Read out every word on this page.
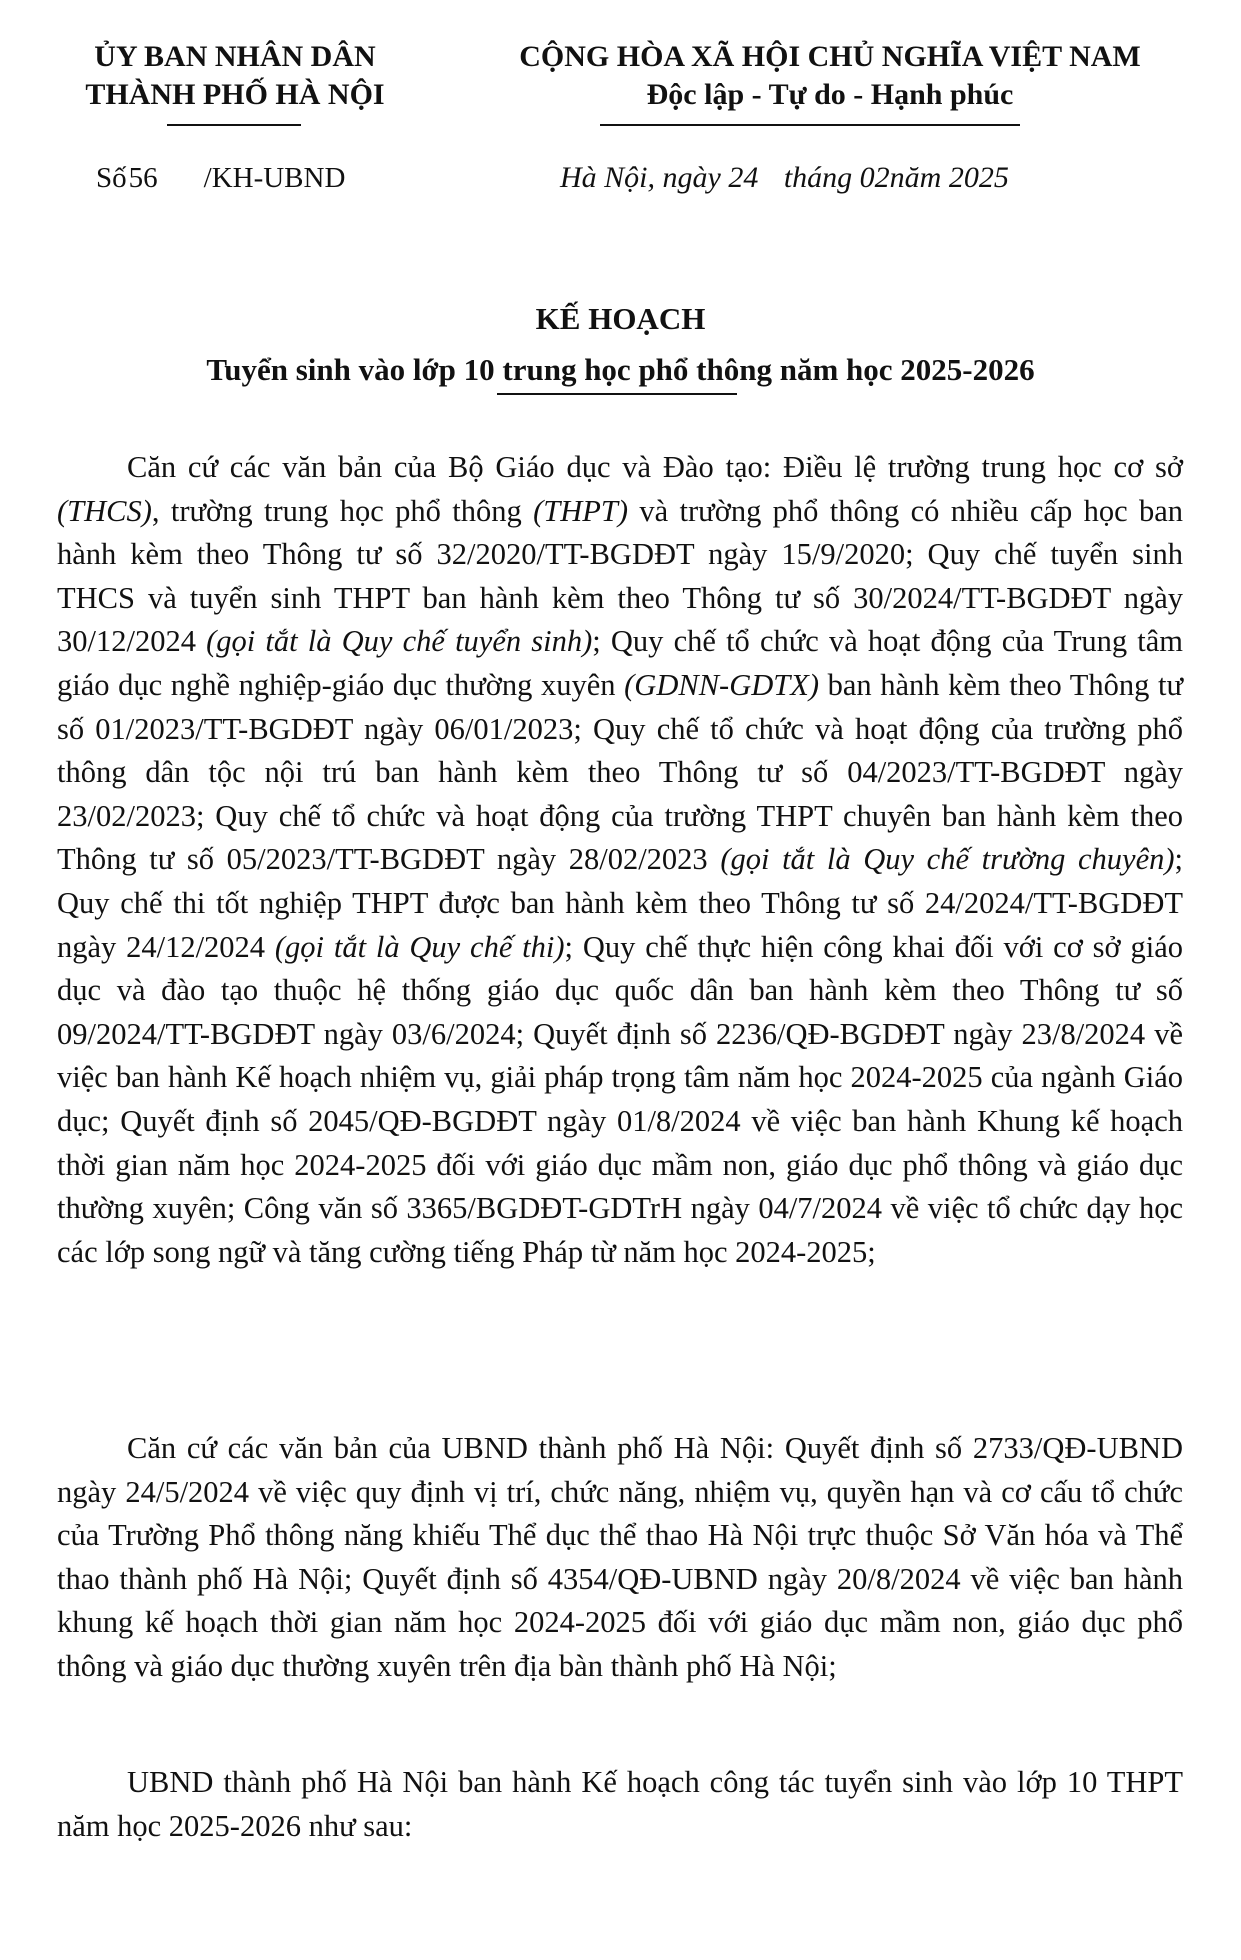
ỦY BAN NHÂN DÂN
THÀNH PHỐ HÀ NỘI
CỘNG HÒA XÃ HỘI CHỦ NGHĨA VIỆT NAM
Độc lập - Tự do - Hạnh phúc
Số56 /KH-UBND	Hà Nội, ngày 24 tháng 02năm 2025
KẾ HOẠCH
Tuyển sinh vào lớp 10 trung học phổ thông năm học 2025-2026

Căn cứ các văn bản của Bộ Giáo dục và Đào tạo: Điều lệ trường trung học cơ sở (THCS), trường trung học phổ thông (THPT) và trường phổ thông có nhiều cấp học ban hành kèm theo Thông tư số 32/2020/TT-BGDĐT ngày 15/9/2020; Quy chế tuyển sinh THCS và tuyển sinh THPT ban hành kèm theo Thông tư số 30/2024/TT-BGDĐT ngày 30/12/2024 (gọi tắt là Quy chế tuyển sinh); Quy chế tổ chức và hoạt động của Trung tâm giáo dục nghề nghiệp-giáo dục thường xuyên (GDNN-GDTX) ban hành kèm theo Thông tư số 01/2023/TT-BGDĐT ngày 06/01/2023; Quy chế tổ chức và hoạt động của trường phổ thông dân tộc nội trú ban hành kèm theo Thông tư số 04/2023/TT-BGDĐT ngày 23/02/2023; Quy chế tổ chức và hoạt động của trường THPT chuyên ban hành kèm theo Thông tư số 05/2023/TT-BGDĐT ngày 28/02/2023 (gọi tắt là Quy chế trường chuyên); Quy chế thi tốt nghiệp THPT được ban hành kèm theo Thông tư số 24/2024/TT-BGDĐT ngày 24/12/2024 (gọi tắt là Quy chế thi); Quy chế thực hiện công khai đối với cơ sở giáo dục và đào tạo thuộc hệ thống giáo dục quốc dân ban hành kèm theo Thông tư số 09/2024/TT-BGDĐT ngày 03/6/2024; Quyết định số 2236/QĐ-BGDĐT ngày 23/8/2024 về việc ban hành Kế hoạch nhiệm vụ, giải pháp trọng tâm năm học 2024-2025 của ngành Giáo dục; Quyết định số 2045/QĐ-BGDĐT ngày 01/8/2024 về việc ban hành Khung kế hoạch thời gian năm học 2024-2025 đối với giáo dục mầm non, giáo dục phổ thông và giáo dục thường xuyên; Công văn số 3365/BGDĐT-GDTrH ngày 04/7/2024 về việc tổ chức dạy học các lớp song ngữ và tăng cường tiếng Pháp từ năm học 2024-2025;

Căn cứ các văn bản của UBND thành phố Hà Nội: Quyết định số 2733/QĐ-UBND ngày 24/5/2024 về việc quy định vị trí, chức năng, nhiệm vụ, quyền hạn và cơ cấu tổ chức của Trường Phổ thông năng khiếu Thể dục thể thao Hà Nội trực thuộc Sở Văn hóa và Thể thao thành phố Hà Nội; Quyết định số 4354/QĐ-UBND ngày 20/8/2024 về việc ban hành khung kế hoạch thời gian năm học 2024-2025 đối với giáo dục mầm non, giáo dục phổ thông và giáo dục thường xuyên trên địa bàn thành phố Hà Nội;

UBND thành phố Hà Nội ban hành Kế hoạch công tác tuyển sinh vào lớp 10 THPT năm học 2025-2026 như sau:
